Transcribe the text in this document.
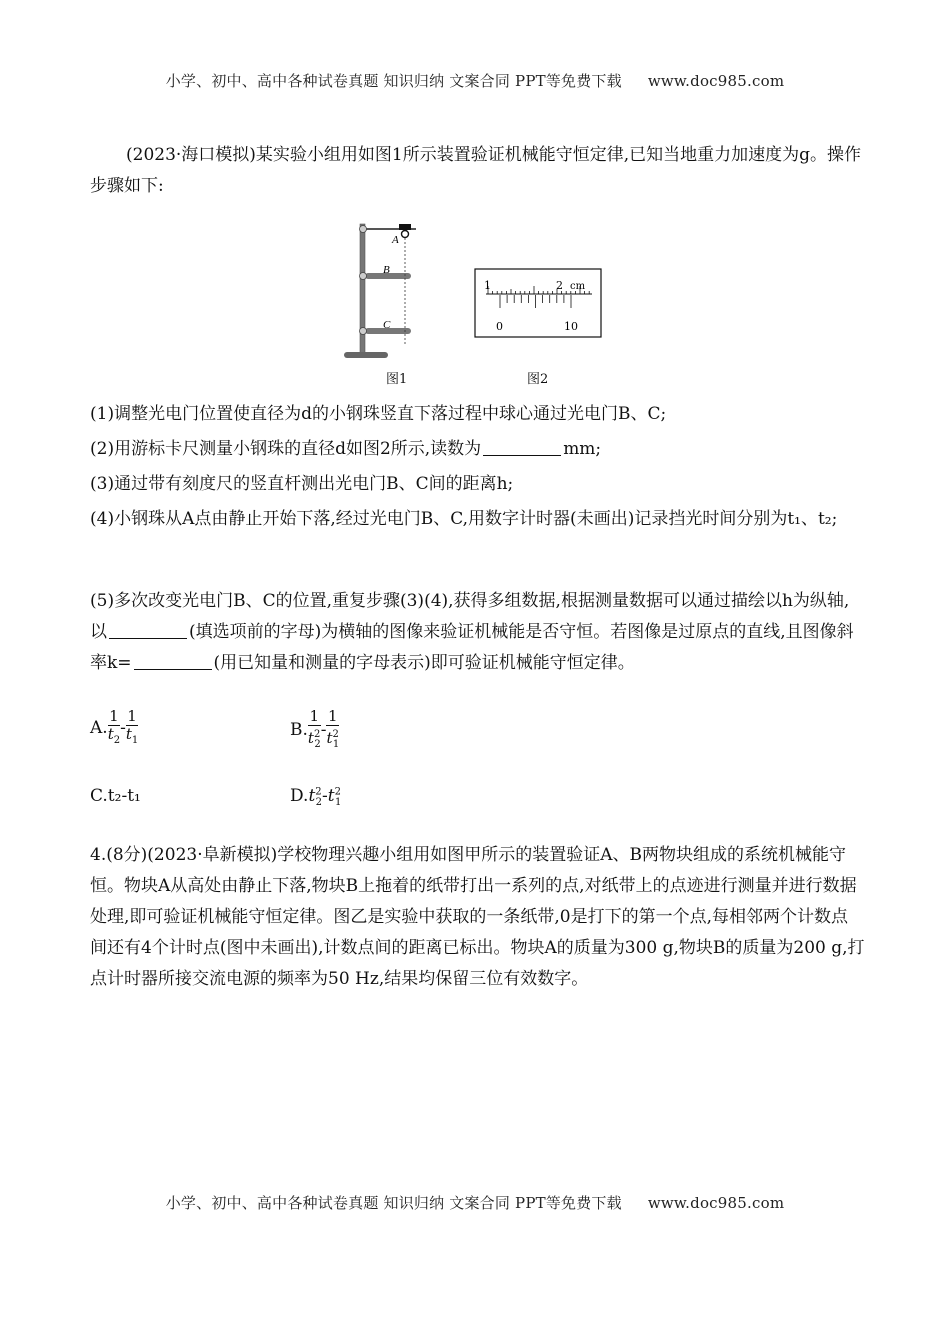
小学、初中、高中各种试卷真题 知识归纳 文案合同 PPT等免费下载 www.doc985.com
(2023·海口模拟)某实验小组用如图1所示装置验证机械能守恒定律,已知当地重力加速度为g。操作步骤如下:
A
B
C
图1
1	2 cm
0	10
图2
(1)调整光电门位置使直径为d的小钢珠竖直下落过程中球心通过光电门B、C;
(2)用游标卡尺测量小钢珠的直径d如图2所示,读数为	mm;
(3)通过带有刻度尺的竖直杆测出光电门B、C间的距离h;
(4)小钢珠从A点由静止开始下落,经过光电门B、C,用数字计时器(未画出)记录挡光时间分别为t₁、t₂;
(5)多次改变光电门B、C的位置,重复步骤(3)(4),获得多组数据,根据测量数据可以通过描绘以h为纵轴,以	(填选项前的字母)为横轴的图像来验证机械能是否守恒。若图像是过原点的直线,且图像斜率k=	(用已知量和测量的字母表示)即可验证机械能守恒定律。
A. $\frac{1}{t_2} - \frac{1}{t_1}$	B. $\frac{1}{t^2_2} - \frac{1}{t^2_1}$
C.t₂-t₁	$D.t^2_2-t^2_1$
4.(8分)(2023·阜新模拟)学校物理兴趣小组用如图甲所示的装置验证A、B两物块组成的系统机械能守恒。物块A从高处由静止下落,物块B上拖着的纸带打出一系列的点,对纸带上的点迹进行测量并进行数据处理,即可验证机械能守恒定律。图乙是实验中获取的一条纸带,0是打下的第一个点,每相邻两个计数点间还有4个计时点(图中未画出),计数点间的距离已标出。物块A的质量为300 g,物块B的质量为200 g,打点计时器所接交流电源的频率为50 Hz,结果均保留三位有效数字。
小学、初中、高中各种试卷真题 知识归纳 文案合同 PPT等免费下载 www.doc985.com
